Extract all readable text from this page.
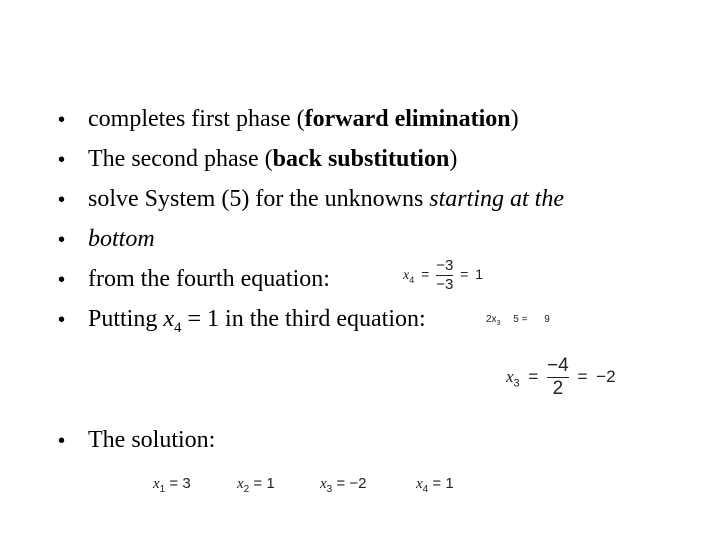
• completes first phase (forward elimination)
• The second phase (back substitution)
• solve System (5) for the unknowns starting at the
• bottom
• from the fourth equation:
• Putting $x_4 = 1$ in the third equation:
• The solution:
$x_4 = \frac{-3}{-3} = 1$
$2x_3$ 5 = 9
$x_3 = \frac{-4}{2} = -2$
$x_1 = 3$	$x_2 = 1$	$x_3 = -2$	$x_4 = 1$
